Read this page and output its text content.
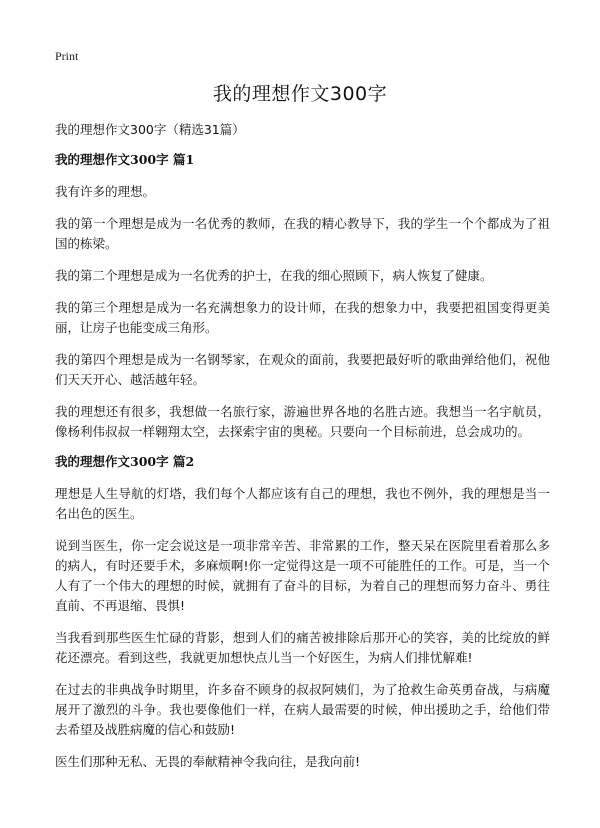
Print
我的理想作文300字

我的理想作文300字（精选31篇）

我的理想作文300字 篇1

我有许多的理想。

我的第一个理想是成为一名优秀的教师，在我的精心教导下，我的学生一个个都成为了祖国的栋梁。

我的第二个理想是成为一名优秀的护士，在我的细心照顾下，病人恢复了健康。

我的第三个理想是成为一名充满想象力的设计师，在我的想象力中，我要把祖国变得更美丽，让房子也能变成三角形。

我的第四个理想是成为一名钢琴家，在观众的面前，我要把最好听的歌曲弹给他们，祝他们天天开心、越活越年轻。

我的理想还有很多，我想做一名旅行家，游遍世界各地的名胜古迹。我想当一名宇航员，像杨利伟叔叔一样翱翔太空，去探索宇宙的奥秘。只要向一个目标前进，总会成功的。

我的理想作文300字 篇2

理想是人生导航的灯塔，我们每个人都应该有自己的理想，我也不例外，我的理想是当一名出色的医生。

说到当医生，你一定会说这是一项非常辛苦、非常累的工作，整天呆在医院里看着那么多的病人，有时还要手术，多麻烦啊!你一定觉得这是一项不可能胜任的工作。可是，当一个人有了一个伟大的理想的时候，就拥有了奋斗的目标，为着自己的理想而努力奋斗、勇往直前、不再退缩、畏惧!

当我看到那些医生忙碌的背影，想到人们的痛苦被排除后那开心的笑容，美的比绽放的鲜花还漂亮。看到这些，我就更加想快点儿当一个好医生，为病人们排忧解难!

在过去的非典战争时期里，许多奋不顾身的叔叔阿姨们，为了抢救生命英勇奋战，与病魔展开了激烈的斗争。我也要像他们一样，在病人最需要的时候，伸出援助之手，给他们带去希望及战胜病魔的信心和鼓励!

医生们那种无私、无畏的奉献精神令我向往，是我向前!
